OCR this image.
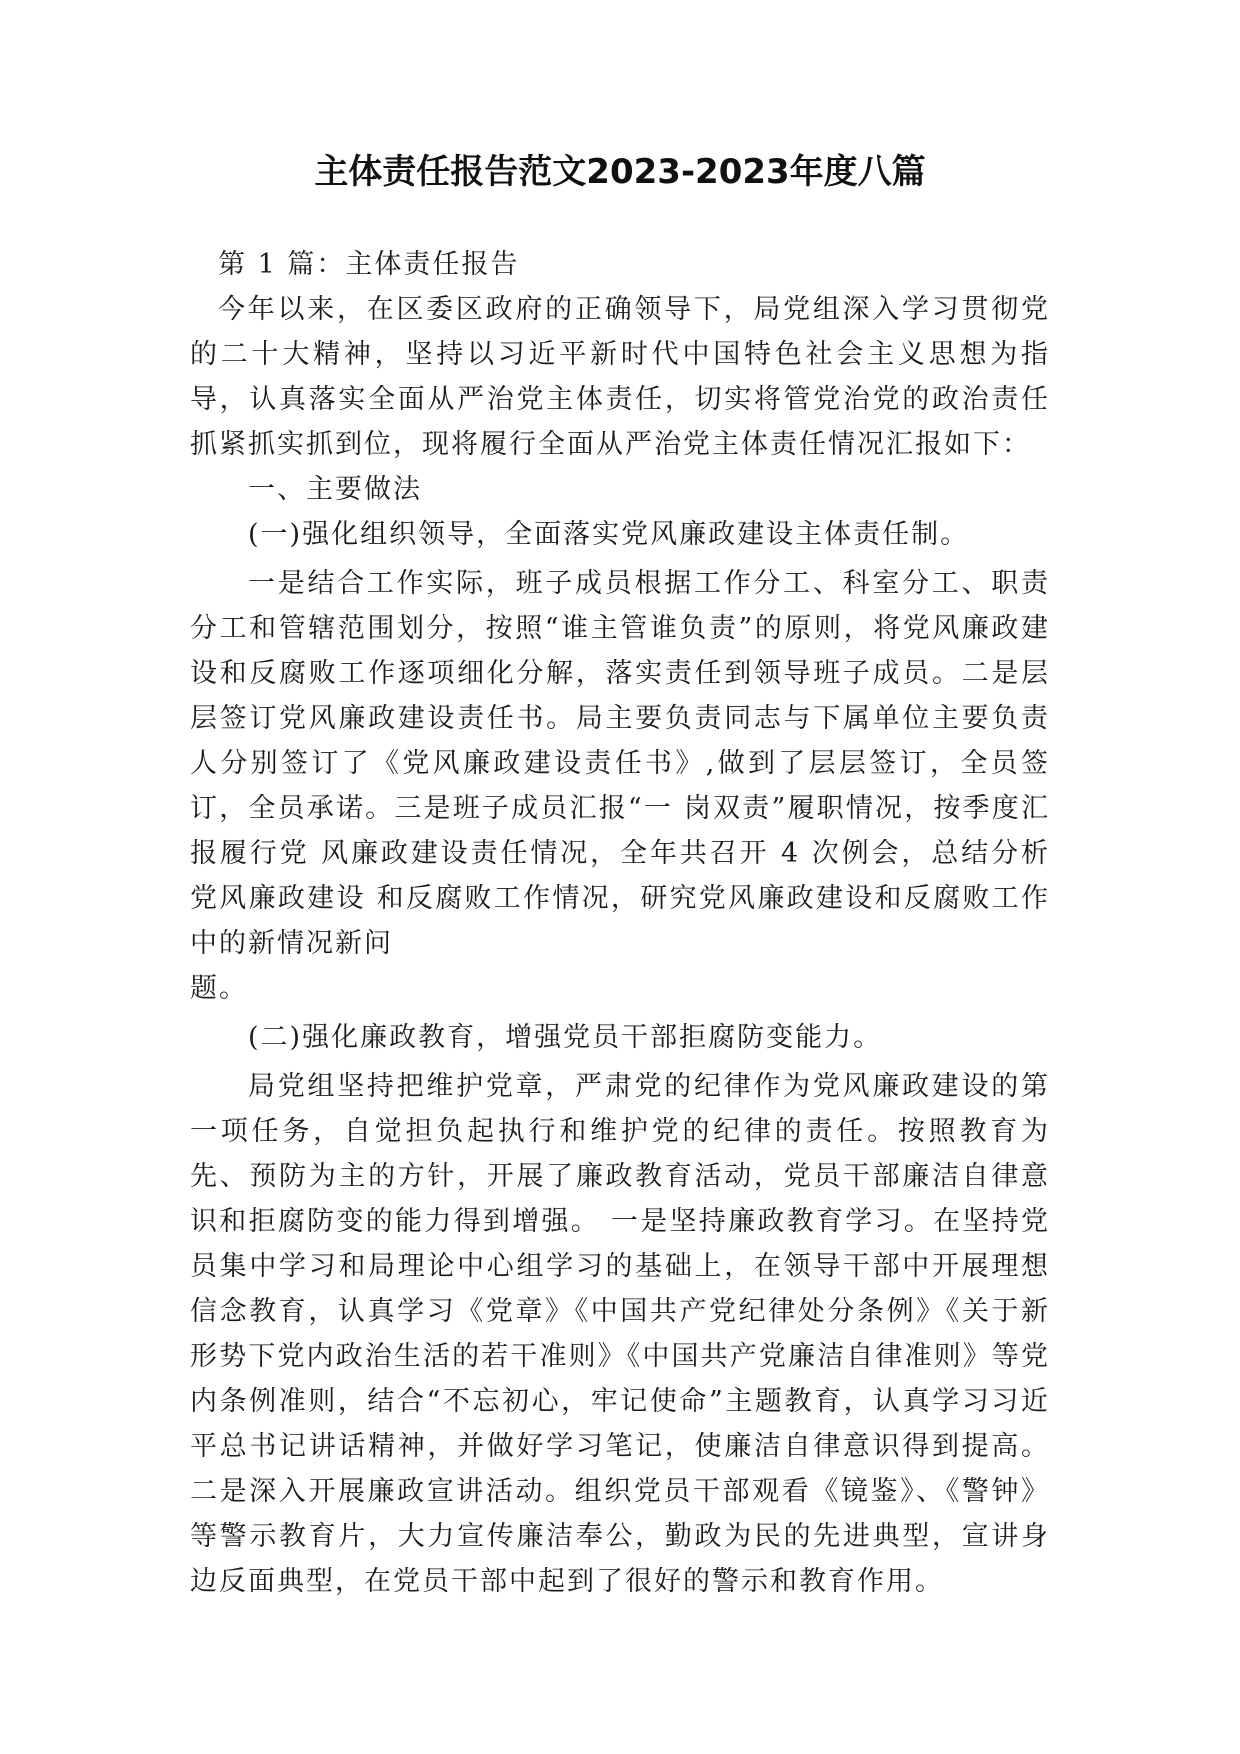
主体责任报告范文2023-2023年度八篇

第 1 篇：主体责任报告

今年以来，在区委区政府的正确领导下，局党组深入学习贯彻党的二十大精神，坚持以习近平新时代中国特色社会主义思想为指导，认真落实全面从严治党主体责任，切实将管党治党的政治责任抓紧抓实抓到位，现将履行全面从严治党主体责任情况汇报如下：

一、主要做法

(一)强化组织领导，全面落实党风廉政建设主体责任制。

一是结合工作实际，班子成员根据工作分工、科室分工、职责分工和管辖范围划分，按照“谁主管谁负责”的原则，将党风廉政建设和反腐败工作逐项细化分解，落实责任到领导班子成员。二是层层签订党风廉政建设责任书。局主要负责同志与下属单位主要负责人分别签订了《党风廉政建设责任书》,做到了层层签订，全员签订，全员承诺。三是班子成员汇报“一 岗双责”履职情况，按季度汇报履行党 风廉政建设责任情况，全年共召开 4 次例会，总结分析党风廉政建设 和反腐败工作情况，研究党风廉政建设和反腐败工作中的新情况新问

题。

(二)强化廉政教育，增强党员干部拒腐防变能力。

局党组坚持把维护党章，严肃党的纪律作为党风廉政建设的第一项任务，自觉担负起执行和维护党的纪律的责任。按照教育为先、预防为主的方针，开展了廉政教育活动，党员干部廉洁自律意识和拒腐防变的能力得到增强。 一是坚持廉政教育学习。在坚持党员集中学习和局理论中心组学习的基础上，在领导干部中开展理想信念教育，认真学习《党章》《中国共产党纪律处分条例》《关于新形势下党内政治生活的若干准则》《中国共产党廉洁自律准则》等党内条例准则，结合“不忘初心，牢记使命”主题教育，认真学习习近平总书记讲话精神，并做好学习笔记，使廉洁自律意识得到提高。二是深入开展廉政宣讲活动。组织党员干部观看《镜鉴》、《警钟》等警示教育片，大力宣传廉洁奉公，勤政为民的先进典型，宣讲身边反面典型，在党员干部中起到了很好的警示和教育作用。
